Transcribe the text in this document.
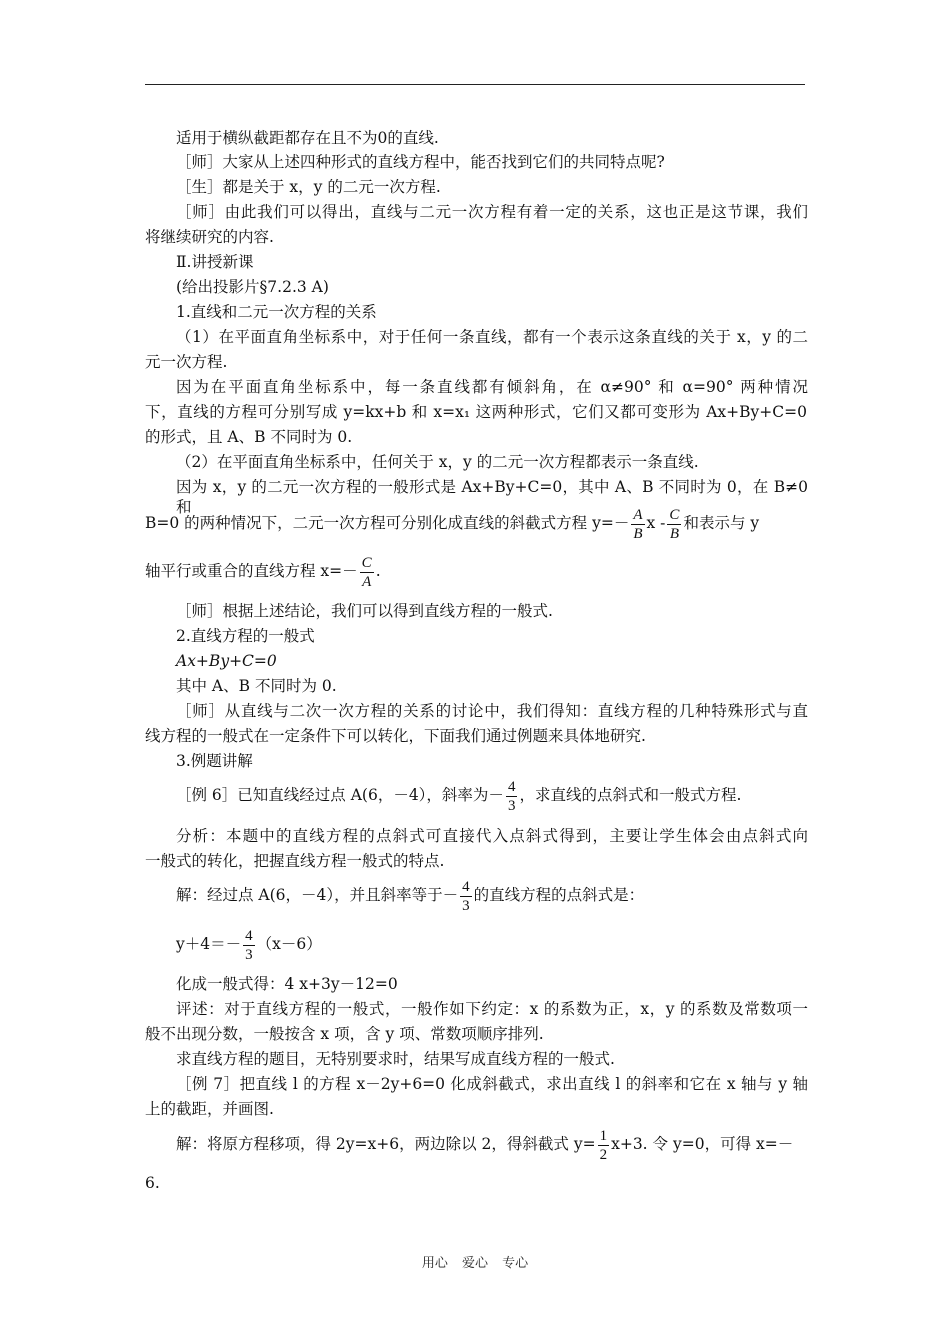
适用于横纵截距都存在且不为0的直线.
［师］大家从上述四种形式的直线方程中，能否找到它们的共同特点呢?
［生］都是关于 x，y 的二元一次方程.
［师］由此我们可以得出，直线与二元一次方程有着一定的关系，这也正是这节课，我们
将继续研究的内容.
Ⅱ.讲授新课
(给出投影片§7.2.3 A)
1.直线和二元一次方程的关系
（1）在平面直角坐标系中，对于任何一条直线，都有一个表示这条直线的关于 x，y 的二
元一次方程.
因为在平面直角坐标系中，每一条直线都有倾斜角，在 α≠90° 和 α=90° 两种情况
下，直线的方程可分别写成 y=kx+b 和 x=x₁ 这两种形式，它们又都可变形为 Ax+By+C=0
的形式，且 A、B 不同时为 0.
（2）在平面直角坐标系中，任何关于 x，y 的二元一次方程都表示一条直线.
因为 x，y 的二元一次方程的一般形式是 Ax+By+C=0，其中 A、B 不同时为 0，在 B≠0 和
B=0 的两种情况下，二元一次方程可分别化成直线的斜截式方程 $y=- \frac{A}{B}$ x - $\frac{C}{B}$ 和表示与 y
轴平行或重合的直线方程 $x=- \frac{C}{A}$ .
［师］根据上述结论，我们可以得到直线方程的一般式.
2.直线方程的一般式
Ax+By+C=0
其中 A、B 不同时为 0.
［师］从直线与二次一次方程的关系的讨论中，我们得知：直线方程的几种特殊形式与直
线方程的一般式在一定条件下可以转化，下面我们通过例题来具体地研究.
3.例题讲解
［例 6］已知直线经过点 A(6，－4），斜率为－ $\frac{4}{3}$ ，求直线的点斜式和一般式方程.
分析：本题中的直线方程的点斜式可直接代入点斜式得到，主要让学生体会由点斜式向
一般式的转化，把握直线方程一般式的特点.
解：经过点 A(6，－4），并且斜率等于－ $\frac{4}{3}$ 的直线方程的点斜式是：
$y+4=- \frac{4}{3} (x-6)$
化成一般式得：4 x+3y－12=0
评述：对于直线方程的一般式，一般作如下约定：x 的系数为正，x，y 的系数及常数项一
般不出现分数，一般按含 x 项，含 y 项、常数项顺序排列.
求直线方程的题目，无特别要求时，结果写成直线方程的一般式.
［例 7］把直线 l 的方程 x－2y+6=0 化成斜截式，求出直线 l 的斜率和它在 x 轴与 y 轴
上的截距，并画图.
解：将原方程移项，得 2y=x+6，两边除以 2，得斜截式 $y= \frac{1}{2} x+3$. 令 y=0，可得 x=－
6.
用心 爱心 专心
